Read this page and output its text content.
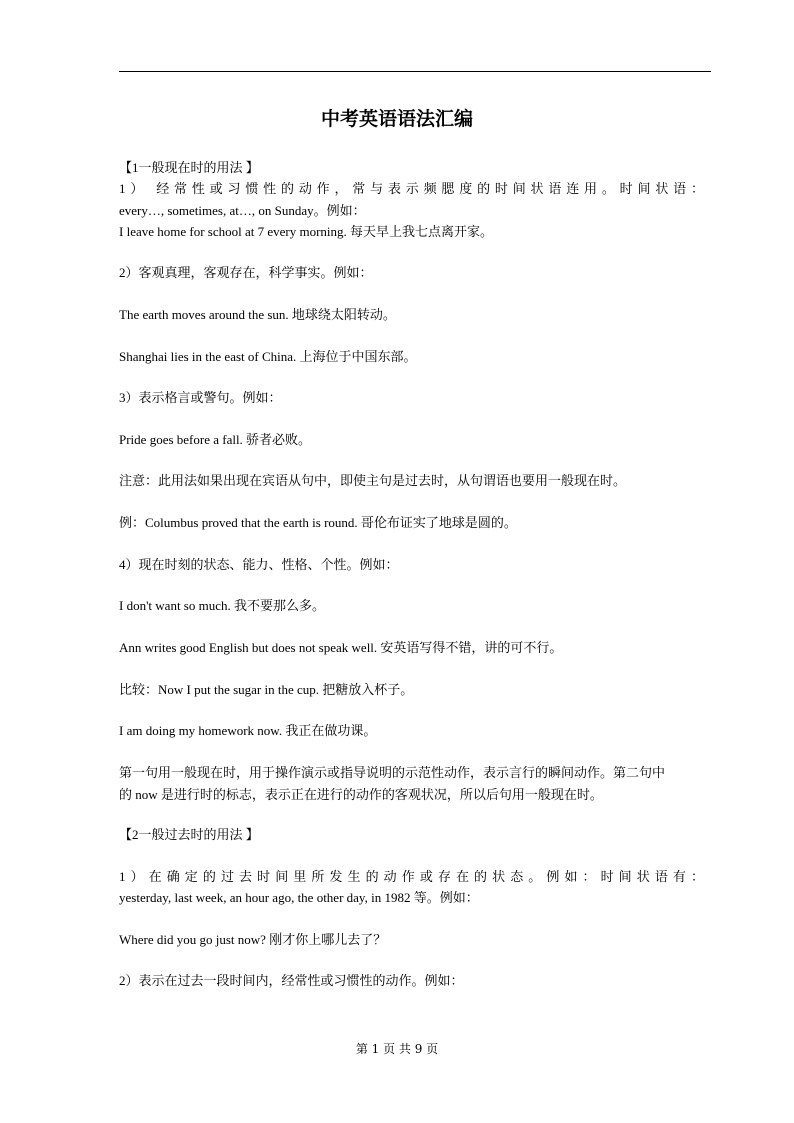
中考英语语法汇编
【1一般现在时的用法 】
1） 经常性或习惯性的动作，常与表示频腮度的时间状语连用。时间状语：
every…, sometimes, at…, on Sunday。例如：
I leave home for school at 7 every morning. 每天早上我七点离开家。
2）客观真理，客观存在，科学事实。例如：
The earth moves around the sun. 地球绕太阳转动。
Shanghai lies in the east of China. 上海位于中国东部。
3）表示格言或警句。例如：
Pride goes before a fall. 骄者必败。
注意：此用法如果出现在宾语从句中，即使主句是过去时，从句谓语也要用一般现在时。
例：Columbus proved that the earth is round. 哥伦布证实了地球是圆的。
4）现在时刻的状态、能力、性格、个性。例如：
I don't want so much. 我不要那么多。
Ann writes good English but does not speak well. 安英语写得不错，讲的可不行。
比较：Now I put the sugar in the cup. 把糖放入杯子。
I am doing my homework now. 我正在做功课。
第一句用一般现在时，用于操作演示或指导说明的示范性动作，表示言行的瞬间动作。第二句中
的 now 是进行时的标志，表示正在进行的动作的客观状况，所以后句用一般现在时。
【2一般过去时的用法 】
1）在确定的过去时间里所发生的动作或存在的状态。例如：时间状语有：
yesterday, last week, an hour ago, the other day, in 1982 等。例如：
Where did you go just now? 刚才你上哪儿去了？
2）表示在过去一段时间内，经常性或习惯性的动作。例如：
第 1 页 共 9 页
